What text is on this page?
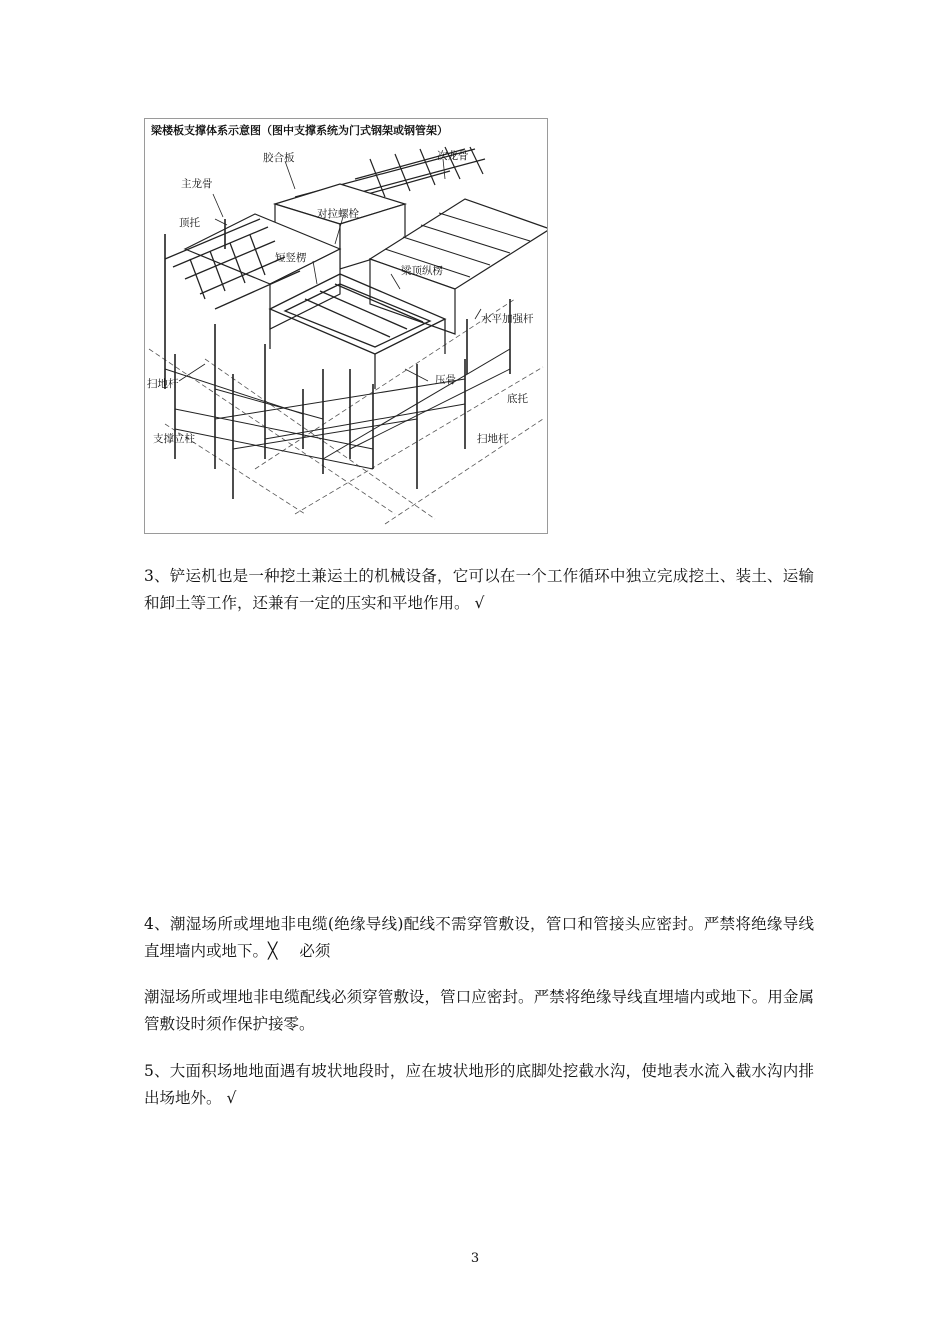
梁楼板支撑体系示意图（图中支撑系统为门式钢架或钢管架）
主龙骨
胶合板	次龙骨
顶托
对拉螺栓
短竖楞
梁顶纵楞
水平加强杆
扫地杆	压骨
底托
支撑立柱	扫地杆

3、铲运机也是一种挖土兼运土的机械设备，它可以在一个工作循环中独立完成挖土、装土、运输和卸土等工作，还兼有一定的压实和平地作用。 √

4、潮湿场所或埋地非电缆(绝缘导线)配线不需穿管敷设，管口和管接头应密封。严禁将绝缘导线直埋墙内或地下。╳ 必须

潮湿场所或埋地非电缆配线必须穿管敷设，管口应密封。严禁将绝缘导线直埋墙内或地下。用金属管敷设时须作保护接零。

5、大面积场地地面遇有坡状地段时，应在坡状地形的底脚处挖截水沟，使地表水流入截水沟内排出场地外。 √

3
